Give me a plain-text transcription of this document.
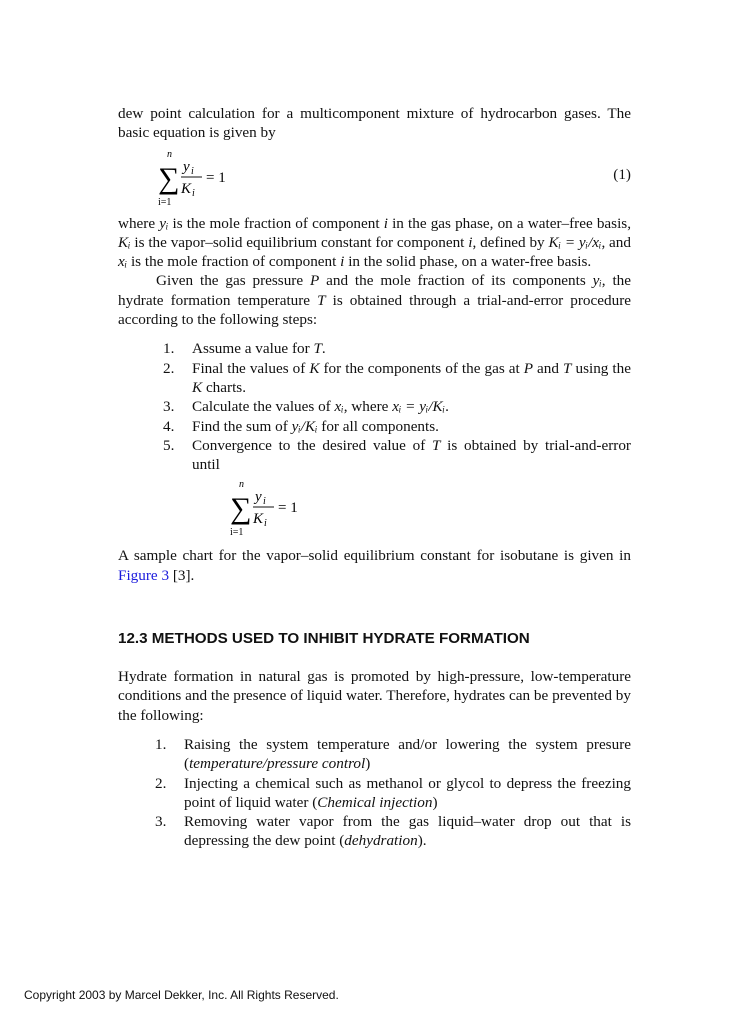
dew point calculation for a multicomponent mixture of hydrocarbon gases. The basic equation is given by

n
∑
i=1
y i
K i
= 1	(1)

where yᵢ is the mole fraction of component i in the gas phase, on a water–free basis, Kᵢ is the vapor–solid equilibrium constant for component i, defined by Kᵢ = yᵢ/xᵢ, and xᵢ is the mole fraction of component i in the solid phase, on a water-free basis.

Given the gas pressure P and the mole fraction of its components yᵢ, the hydrate formation temperature T is obtained through a trial-and-error procedure according to the following steps:

1. Assume a value for T.
2. Final the values of K for the components of the gas at P and T using the K charts.
3. Calculate the values of xᵢ, where xᵢ = yᵢ/Kᵢ.
4. Find the sum of yᵢ/Kᵢ for all components.
5. Convergence to the desired value of T is obtained by trial-and-error until
n
∑
i=1
y i
K i
= 1

A sample chart for the vapor–solid equilibrium constant for isobutane is given in Figure 3 [3].

12.3 METHODS USED TO INHIBIT HYDRATE FORMATION

Hydrate formation in natural gas is promoted by high-pressure, low-temperature conditions and the presence of liquid water. Therefore, hydrates can be prevented by the following:

1. Raising the system temperature and/or lowering the system presure (temperature/pressure control)
2. Injecting a chemical such as methanol or glycol to depress the freezing point of liquid water (Chemical injection)
3. Removing water vapor from the gas liquid–water drop out that is depressing the dew point (dehydration).
Copyright 2003 by Marcel Dekker, Inc. All Rights Reserved.
